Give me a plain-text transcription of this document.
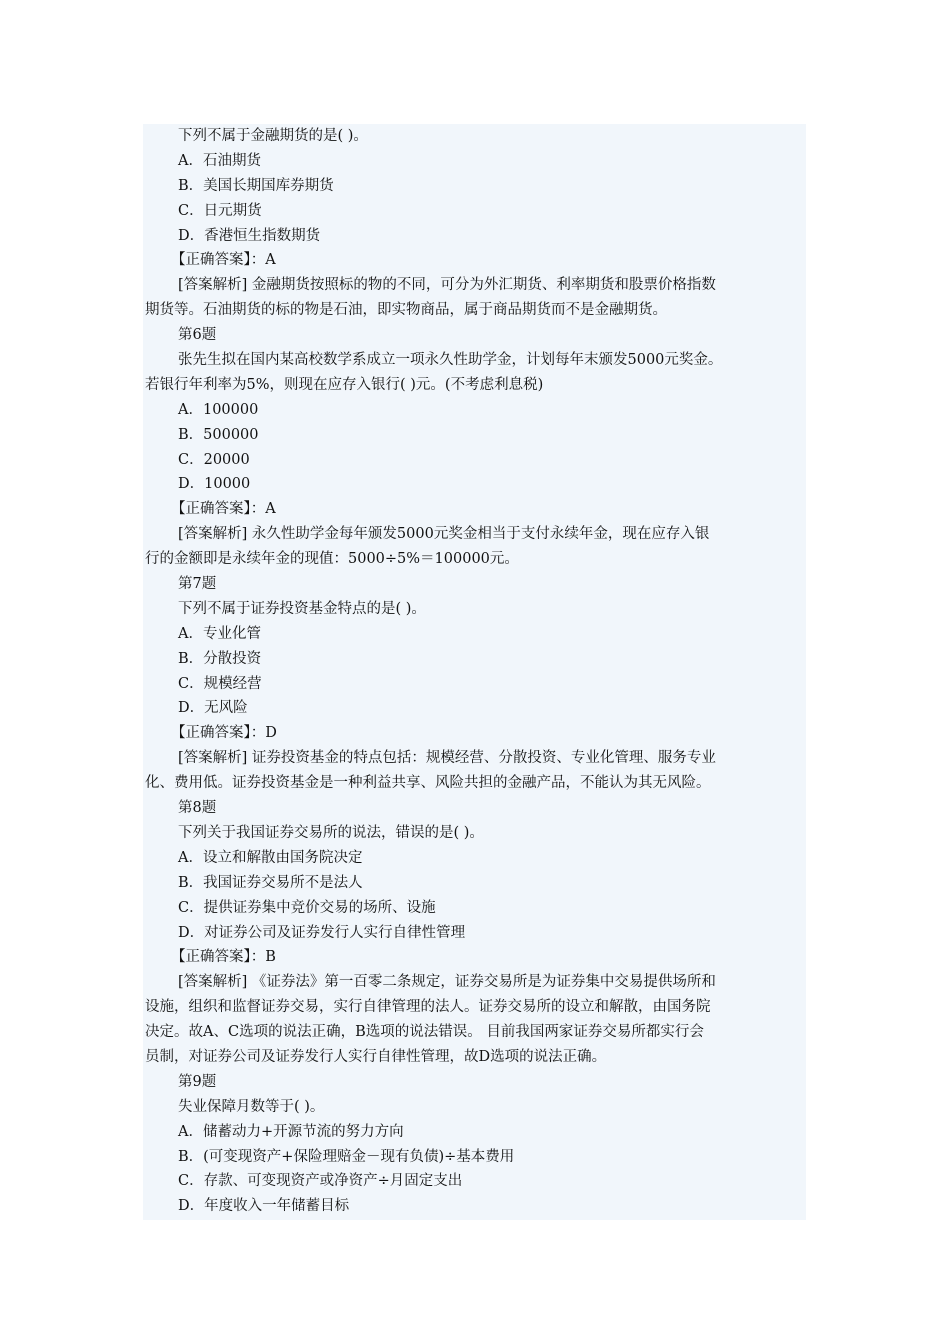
下列不属于金融期货的是( )。
A．石油期货
B．美国长期国库券期货
C．日元期货
D．香港恒生指数期货
【正确答案】：A
[答案解析] 金融期货按照标的物的不同，可分为外汇期货、利率期货和股票价格指数
期货等。石油期货的标的物是石油，即实物商品，属于商品期货而不是金融期货。
第6题
张先生拟在国内某高校数学系成立一项永久性助学金，计划每年末颁发5000元奖金。
若银行年利率为5%，则现在应存入银行( )元。(不考虑利息税)
A．100000
B．500000
C．20000
D．10000
【正确答案】：A
[答案解析] 永久性助学金每年颁发5000元奖金相当于支付永续年金，现在应存入银
行的金额即是永续年金的现值：5000÷5%＝100000元。
第7题
下列不属于证券投资基金特点的是( )。
A．专业化管
B．分散投资
C．规模经营
D．无风险
【正确答案】：D
[答案解析] 证券投资基金的特点包括：规模经营、分散投资、专业化管理、服务专业
化、费用低。证券投资基金是一种利益共享、风险共担的金融产品，不能认为其无风险。
第8题
下列关于我国证券交易所的说法，错误的是( )。
A．设立和解散由国务院决定
B．我国证券交易所不是法人
C．提供证券集中竞价交易的场所、设施
D．对证券公司及证券发行人实行自律性管理
【正确答案】：B
[答案解析] 《证券法》第一百零二条规定，证券交易所是为证券集中交易提供场所和
设施，组织和监督证券交易，实行自律管理的法人。证券交易所的设立和解散，由国务院
决定。故A、C选项的说法正确，B选项的说法错误。 目前我国两家证券交易所都实行会
员制，对证券公司及证券发行人实行自律性管理，故D选项的说法正确。
第9题
失业保障月数等于( )。
A．储蓄动力+开源节流的努力方向
B．(可变现资产+保险理赔金－现有负债)÷基本费用
C．存款、可变现资产或净资产÷月固定支出
D．年度收入一年储蓄目标
